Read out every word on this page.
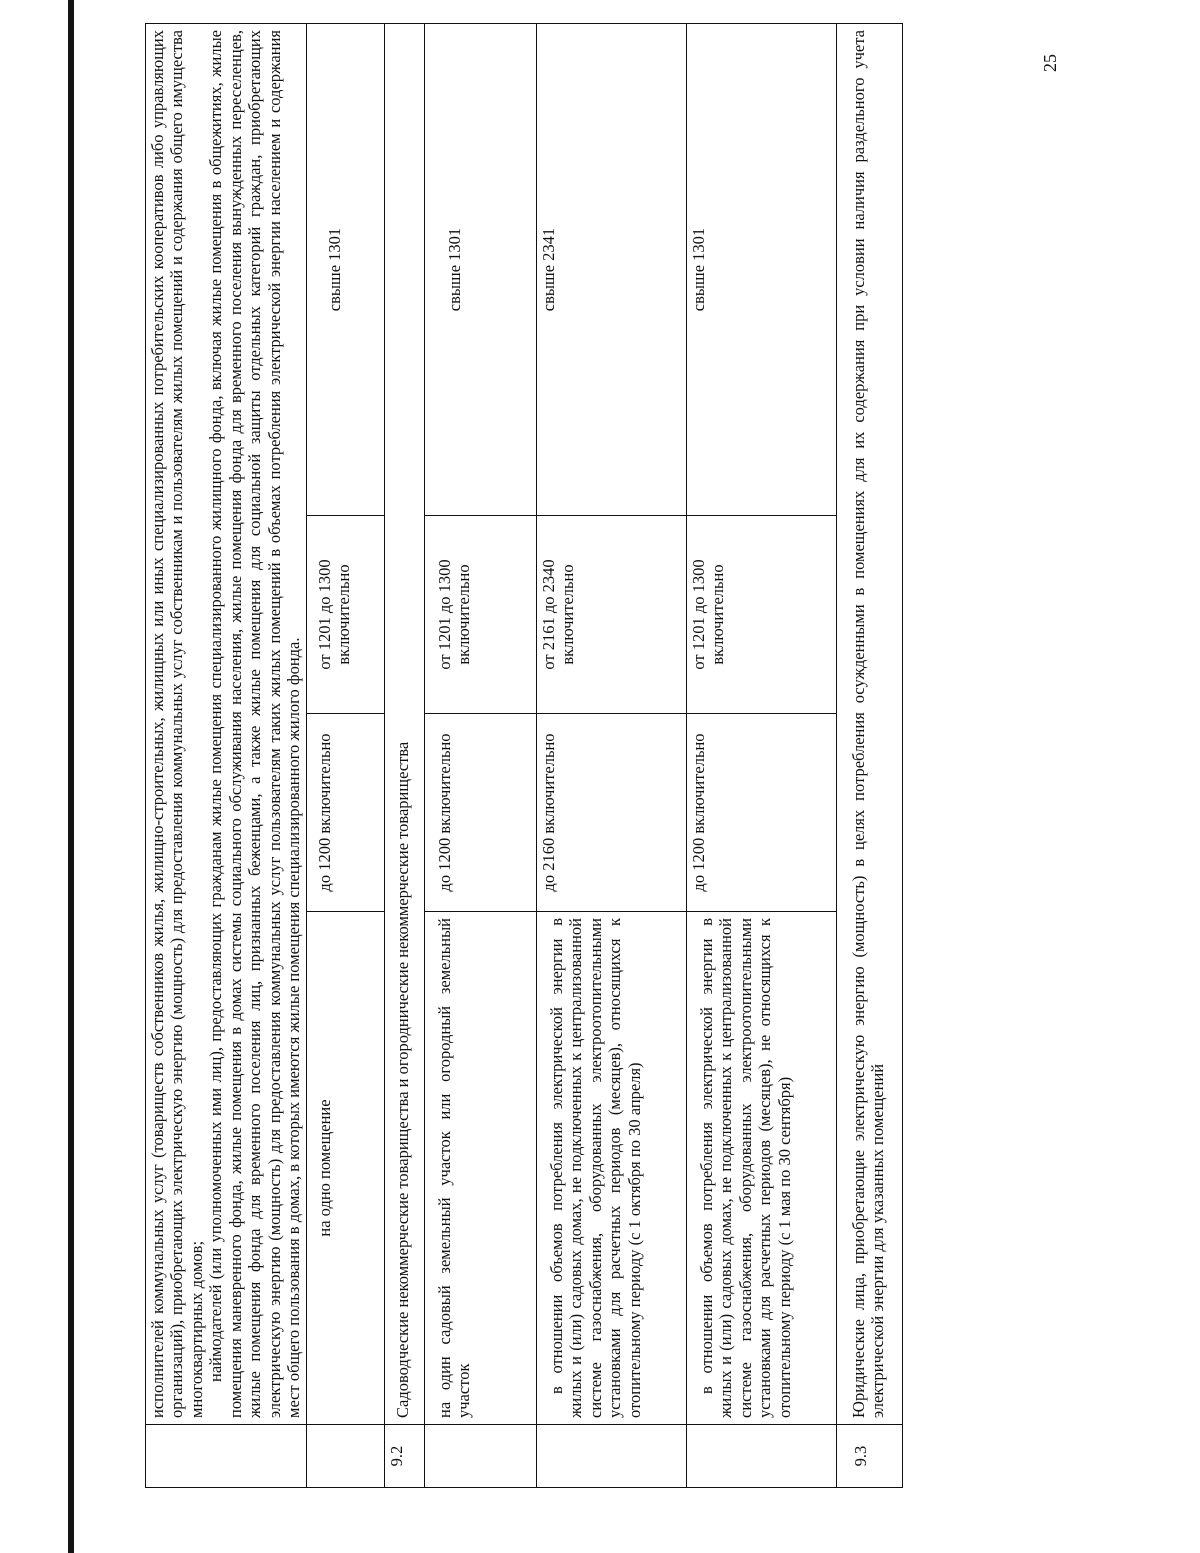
25

	исполнителей коммунальных услуг (товариществ собственников жилья, жилищно-строительных, жилищных или иных специализированных потребительских кооперативов либо управляющих организаций), приобретающих электрическую энергию (мощность) для предоставления коммунальных услуг собственникам и пользователям жилых помещений и содержания общего имущества многоквартирных домов; наймодателей (или уполномоченных ими лиц), предоставляющих гражданам жилые помещения специализированного жилищного фонда, включая жилые помещения в общежитиях, жилые помещения маневренного фонда, жилые помещения в домах системы социального обслуживания населения, жилые помещения фонда для временного поселения вынужденных переселенцев, жилые помещения фонда для временного поселения лиц, признанных беженцами, а также жилые помещения для социальной защиты отдельных категорий граждан, приобретающих электрическую энергию (мощность) для предоставления коммунальных услуг пользователям таких жилых помещений в объемах потребления электрической энергии населением и содержания мест общего пользования в домах, в которых имеются жилые помещения специализированного жилого фонда.			

	на одно помещение	до 1200 включительно	от 1201 до 1300 включительно	свыше 1301
9.2	Садоводческие некоммерческие товарищества и огороднические некоммерческие товарищества			
	на один садовый земельный участок или огородный земельный участок	до 1200 включительно	от 1201 до 1300 включительно	свыше 1301
	в отношении объемов потребления электрической энергии в жилых и (или) садовых домах, не подключенных к централизованной системе газоснабжения, оборудованных электроотопительными установками для расчетных периодов (месяцев), относящихся к отопительному периоду (с 1 октября по 30 апреля)	до 2160 включительно	от 2161 до 2340 включительно	свыше 2341
	в отношении объемов потребления электрической энергии в жилых и (или) садовых домах, не подключенных к централизованной системе газоснабжения, оборудованных электроотопительными установками для расчетных периодов (месяцев), не относящихся к отопительному периоду (с 1 мая по 30 сентября)	до 1200 включительно	от 1201 до 1300 включительно	свыше 1301
9.3	Юридические лица, приобретающие электрическую энергию (мощность) в целях потребления осужденными в помещениях для их содержания при условии наличия раздельного учета электрической энергии для указанных помещений			
